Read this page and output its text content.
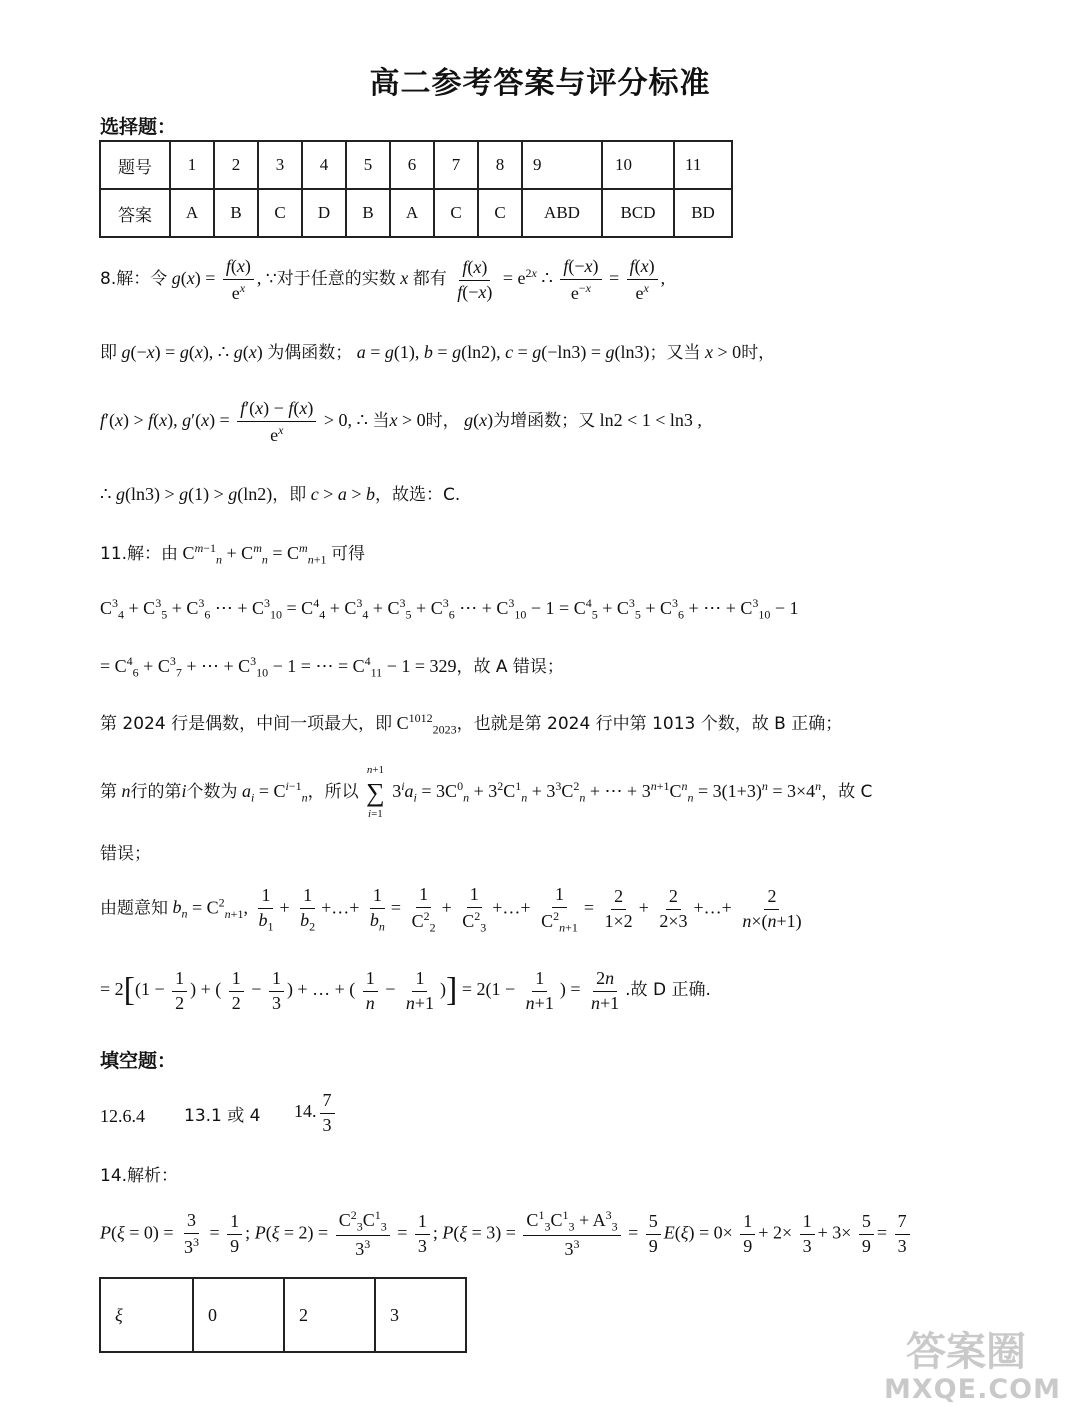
高二参考答案与评分标准
选择题：
题号	1	2	3	4	5	6	7	8	9	10	11
答案	A	B	C	D	B	A	C	C	ABD	BCD	BD
8.解：令 $g(x) = \frac{f(x)}{e^x}$ , ∵对于任意的实数 x 都有 $\frac{f(x)}{f(-x)} = e^{2x}$ ∴ $\frac{f(-x)}{e^{-x}} = \frac{f(x)}{e^x}$ ,
即 g(−x) = g(x), ∴ g(x) 为偶函数； a = g(1), b = g(ln2), c = g(−ln3) = g(ln3)；又当 x > 0时，
f′(x) > f(x), $g'(x) = \frac{f'(x) - f(x)}{e^x} > 0$, ∴ 当x > 0时， g(x)为增函数；又 ln2 < 1 < ln3 ,
∴ g(ln3) > g(1) > g(ln2)，即 c > a > b，故选：C.
11.解：由 $C^{m-1}_n + C^m_n = C^m_{n+1}$ 可得
$C^3_4 + C^3_5 + C^3_6$ ⋯ + $C^3_{10} = C^4_4 + C^3_4 + C^3_5 + C^3_6$ ⋯ + $C^3_{10} - 1 = C^4_5 + C^3_5 + C^3_6$ + ⋯ + $C^3_{10} - 1$
= $C^4_6 + C^3_7$ + ⋯ + $C^3_{10} - 1$ = ⋯ = $C^4_{11} - 1 = 329$，故 A 错误；
第 2024 行是偶数，中间一项最大，即 $C^{1012}_{2023}$，也就是第 2024 行中第 1013 个数，故 B 正确；
第 n行的第i个数为 $a_i = C^{i-1}_n$，所以
n+1
∑
i=1
$3^ia_i = 3C^0_n + 3^2C^1_n + 3^3C^2_n$ + ⋯ + $3^{n+1}C^n_n = 3(1+3)^n = 3\times 4^n$，故 C
错误；
由题意知 $b_n = C^2_{n+1}$, $\frac{1}{b_1} + \frac{1}{b_2}$ +…+ $\frac{1}{b_n} = \frac{1}{C^2_2} + \frac{1}{C^2_3}$ +…+ $\frac{1}{C^2_{n+1}} = \frac{2}{1\times 2} + \frac{2}{2\times 3}$ +…+ $\frac{2}{n\times(n+1)}$
= $2[(1 - \frac{1}{2}$ ) + ( $\frac{1}{2} - \frac{1}{3}$ ) + … + ( $\frac{1}{n} - \frac{1}{n+1}$ )] = $2(1 - \frac{1}{n+1}$ ) = $\frac{2n}{n+1}$ .故 D 正确.
填空题：
12.6.4 13.1 或 4 14. $\frac{7}{3}$
14.解析：
$P(\xi = 0) = \frac{3}{3^3} = \frac{1}{9}$ ; $P(\xi = 2) = \frac{C^2_3C^1_3}{3^3} = \frac{1}{3}$ ; $P(\xi = 3) = \frac{C^1_3C^1_3 + A^3_3}{3^3} = \frac{5}{9} E(\xi) = 0\times \frac{1}{9} + 2\times \frac{1}{3} + 3\times \frac{5}{9} = \frac{7}{3}$
ξ	0	2	3
答案圈
MXQE.COM
